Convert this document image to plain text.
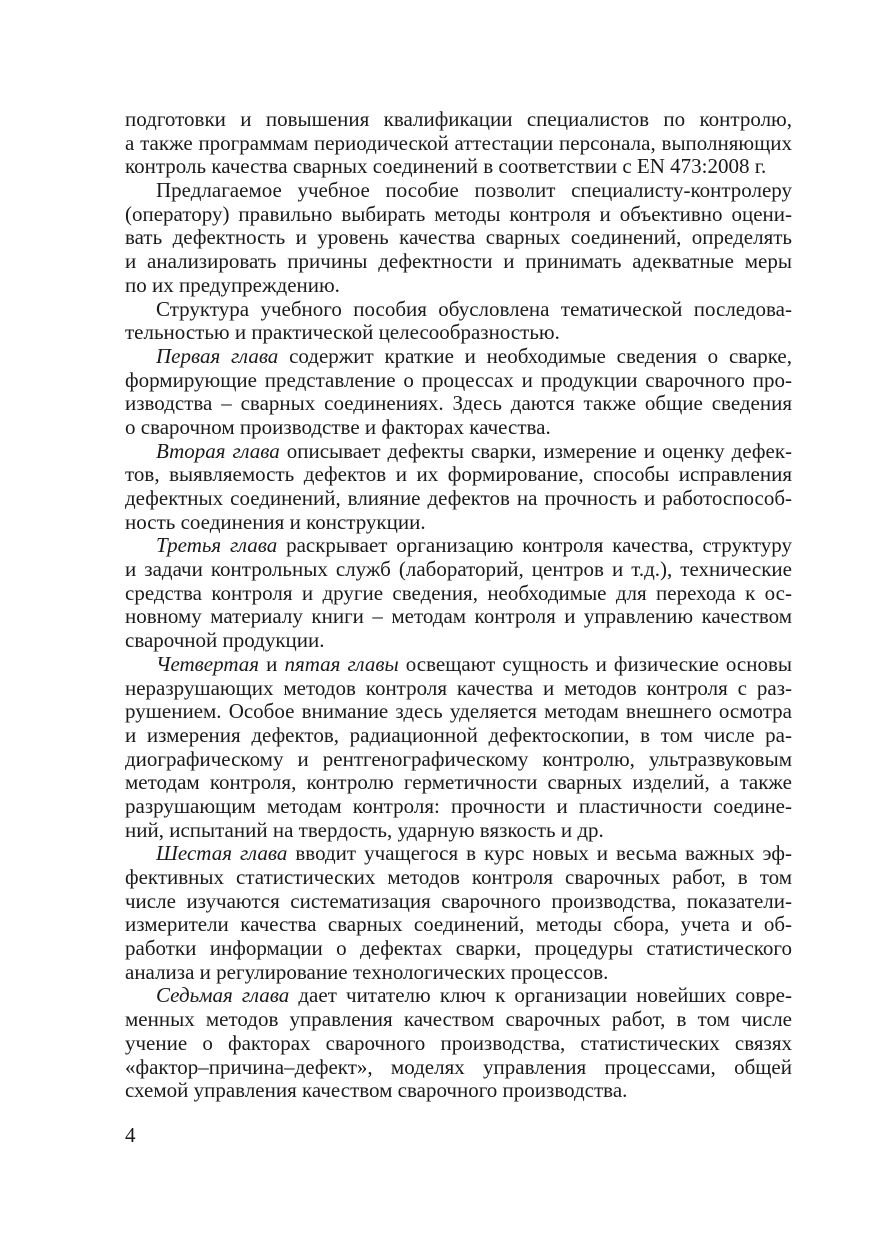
подготовки и повышения квалификации специалистов по контролю,
а также программам периодической аттестации персонала, выполняющих
контроль качества сварных соединений в соответствии с EN 473:2008 г.
Предлагаемое учебное пособие позволит специалисту-контролеру
(оператору) правильно выбирать методы контроля и объективно оцени-
вать дефектность и уровень качества сварных соединений, определять
и анализировать причины дефектности и принимать адекватные меры
по их предупреждению.
Структура учебного пособия обусловлена тематической последова-
тельностью и практической целесообразностью.
Первая глава содержит краткие и необходимые сведения о сварке,
формирующие представление о процессах и продукции сварочного про-
изводства – сварных соединениях. Здесь даются также общие сведения
о сварочном производстве и факторах качества.
Вторая глава описывает дефекты сварки, измерение и оценку дефек-
тов, выявляемость дефектов и их формирование, способы исправления
дефектных соединений, влияние дефектов на прочность и работоспособ-
ность соединения и конструкции.
Третья глава раскрывает организацию контроля качества, структуру
и задачи контрольных служб (лабораторий, центров и т.д.), технические
средства контроля и другие сведения, необходимые для перехода к ос-
новному материалу книги – методам контроля и управлению качеством
сварочной продукции.
Четвертая и пятая главы освещают сущность и физические основы
неразрушающих методов контроля качества и методов контроля с раз-
рушением. Особое внимание здесь уделяется методам внешнего осмотра
и измерения дефектов, радиационной дефектоскопии, в том числе ра-
диографическому и рентгенографическому контролю, ультразвуковым
методам контроля, контролю герметичности сварных изделий, а также
разрушающим методам контроля: прочности и пластичности соедине-
ний, испытаний на твердость, ударную вязкость и др.
Шестая глава вводит учащегося в курс новых и весьма важных эф-
фективных статистических методов контроля сварочных работ, в том
числе изучаются систематизация сварочного производства, показатели-
измерители качества сварных соединений, методы сбора, учета и об-
работки информации о дефектах сварки, процедуры статистического
анализа и регулирование технологических процессов.
Седьмая глава дает читателю ключ к организации новейших совре-
менных методов управления качеством сварочных работ, в том числе
учение о факторах сварочного производства, статистических связях
«фактор–причина–дефект», моделях управления процессами, общей
схемой управления качеством сварочного производства.
4
